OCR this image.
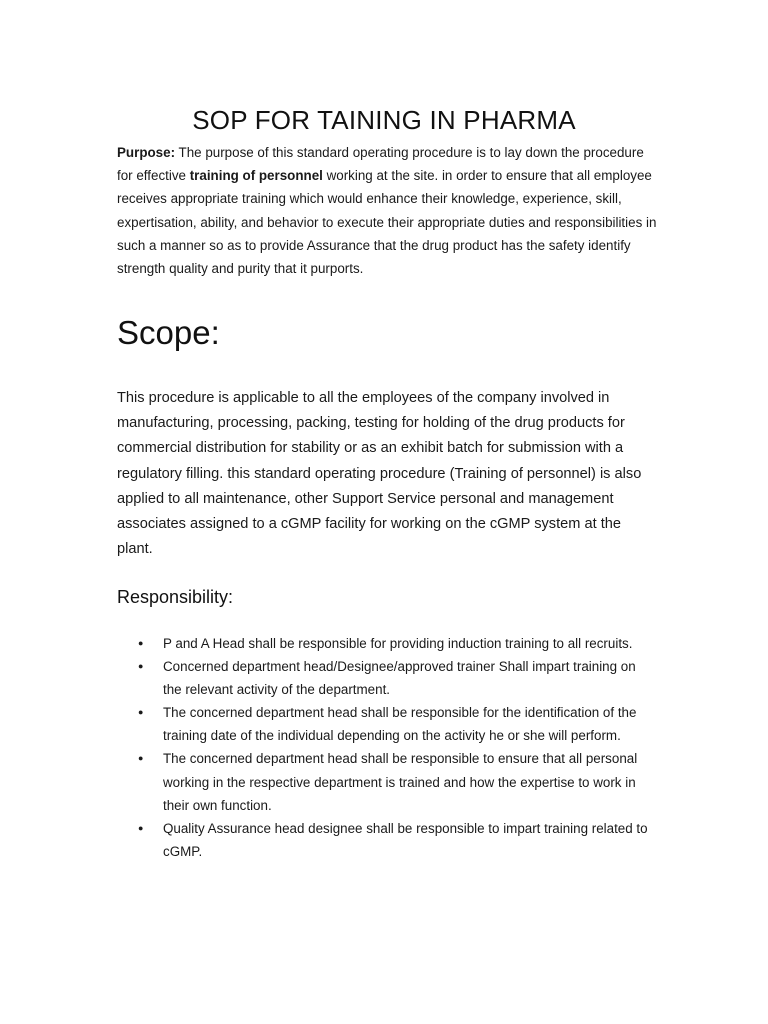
SOP FOR TAINING IN PHARMA

Purpose: The purpose of this standard operating procedure is to lay down the procedure for effective training of personnel working at the site. in order to ensure that all employee receives appropriate training which would enhance their knowledge, experience, skill, expertisation, ability, and behavior to execute their appropriate duties and responsibilities in such a manner so as to provide Assurance that the drug product has the safety identify strength quality and purity that it purports.

Scope:

This procedure is applicable to all the employees of the company involved in manufacturing, processing, packing, testing for holding of the drug products for commercial distribution for stability or as an exhibit batch for submission with a regulatory filling. this standard operating procedure (Training of personnel) is also applied to all maintenance, other Support Service personal and management associates assigned to a cGMP facility for working on the cGMP system at the plant.

Responsibility:
● P and A Head shall be responsible for providing induction training to all recruits.
● Concerned department head/Designee/approved trainer Shall impart training on the relevant activity of the department.
● The concerned department head shall be responsible for the identification of the training date of the individual depending on the activity he or she will perform.
● The concerned department head shall be responsible to ensure that all personal working in the respective department is trained and how the expertise to work in their own function.
● Quality Assurance head designee shall be responsible to impart training related to cGMP.
